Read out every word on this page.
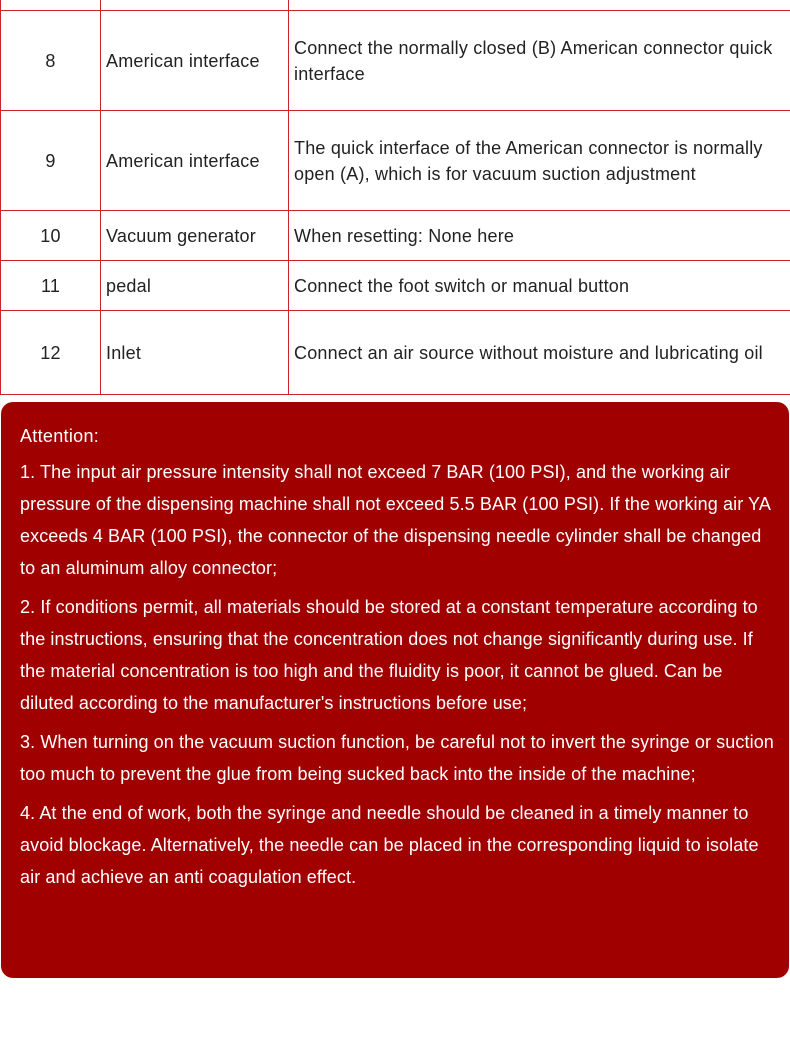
8	American interface	Connect the normally closed (B) American connector quick interface
9	American interface	The quick interface of the American connector is normally open (A), which is for vacuum suction adjustment
10	Vacuum generator	When resetting: None here
11	pedal	Connect the foot switch or manual button
12	Inlet	Connect an air source without moisture and lubricating oil
Attention:
1. The input air pressure intensity shall not exceed 7 BAR (100 PSI), and the working air pressure of the dispensing machine shall not exceed 5.5 BAR (100 PSI). If the working air YA exceeds 4 BAR (100 PSI), the connector of the dispensing needle cylinder shall be changed to an aluminum alloy connector;
2. If conditions permit, all materials should be stored at a constant temperature according to the instructions, ensuring that the concentration does not change significantly during use. If the material concentration is too high and the fluidity is poor, it cannot be glued. Can be diluted according to the manufacturer's instructions before use;
3. When turning on the vacuum suction function, be careful not to invert the syringe or suction too much to prevent the glue from being sucked back into the inside of the machine;
4. At the end of work, both the syringe and needle should be cleaned in a timely manner to avoid blockage. Alternatively, the needle can be placed in the corresponding liquid to isolate air and achieve an anti coagulation effect.
